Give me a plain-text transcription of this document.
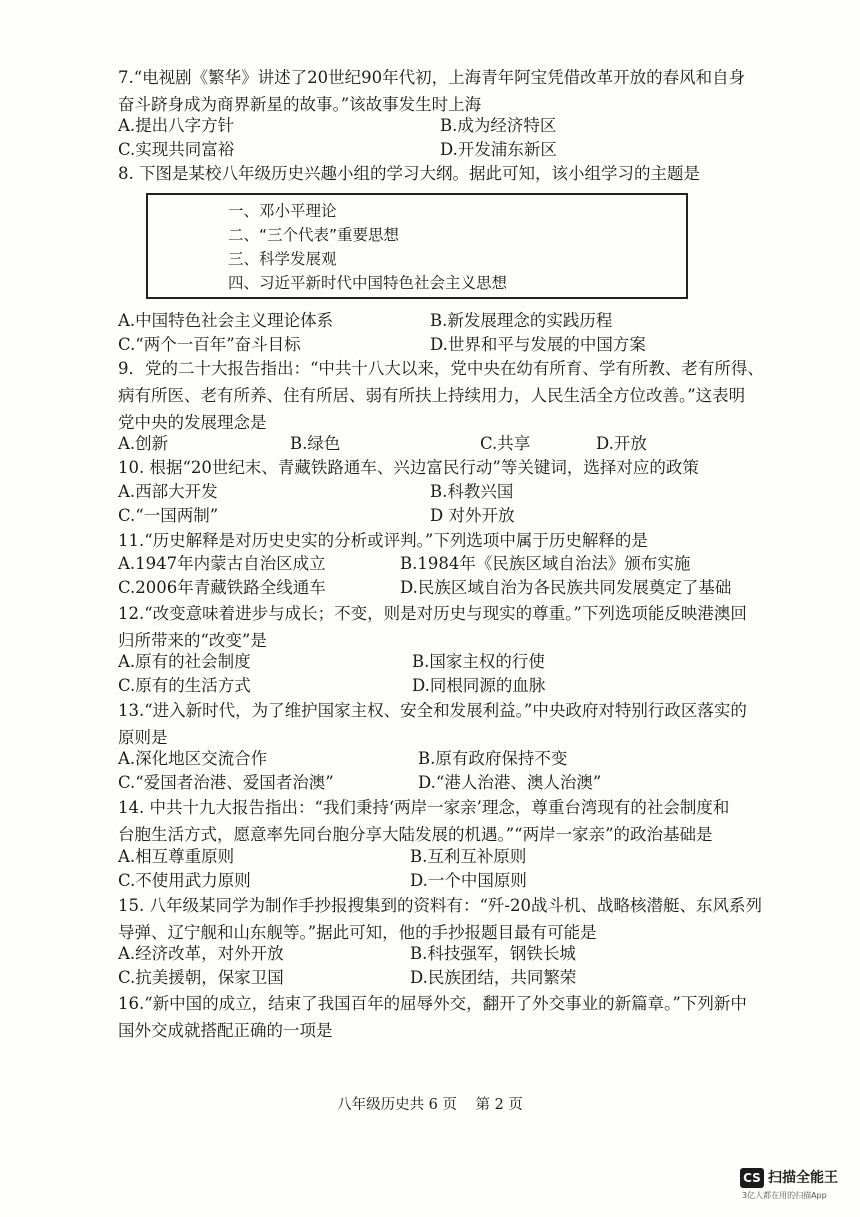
7.“电视剧《繁华》讲述了20世纪90年代初，上海青年阿宝凭借改革开放的春风和自身
奋斗跻身成为商界新星的故事。”该故事发生时上海
A.提出八字方针	B.成为经济特区
C.实现共同富裕	D.开发浦东新区
8. 下图是某校八年级历史兴趣小组的学习大纲。据此可知，该小组学习的主题是
一、邓小平理论
二、“三个代表”重要思想
三、科学发展观
四、习近平新时代中国特色社会主义思想
A.中国特色社会主义理论体系	B.新发展理念的实践历程
C.“两个一百年”奋斗目标	D.世界和平与发展的中国方案
9．党的二十大报告指出：“中共十八大以来，党中央在幼有所育、学有所教、老有所得、
病有所医、老有所养、住有所居、弱有所扶上持续用力，人民生活全方位改善。”这表明
党中央的发展理念是
A.创新	B.绿色	C.共享	D.开放
10. 根据“20世纪末、青藏铁路通车、兴边富民行动”等关键词，选择对应的政策
A.西部大开发	B.科教兴国
C.“一国两制”	D 对外开放
11.“历史解释是对历史史实的分析或评判。”下列选项中属于历史解释的是
A.1947年内蒙古自治区成立	B.1984年《民族区域自治法》颁布实施
C.2006年青藏铁路全线通车	D.民族区域自治为各民族共同发展奠定了基础
12.“改变意味着进步与成长；不变，则是对历史与现实的尊重。”下列选项能反映港澳回
归所带来的“改变”是
A.原有的社会制度	B.国家主权的行使
C.原有的生活方式	D.同根同源的血脉
13.“进入新时代，为了维护国家主权、安全和发展利益。”中央政府对特别行政区落实的
原则是
A.深化地区交流合作	B.原有政府保持不变
C.“爱国者治港、爱国者治澳”	D.“港人治港、澳人治澳”
14. 中共十九大报告指出：“我们秉持‘两岸一家亲’理念，尊重台湾现有的社会制度和
台胞生活方式，愿意率先同台胞分享大陆发展的机遇。”“两岸一家亲”的政治基础是
A.相互尊重原则	B.互利互补原则
C.不使用武力原则	D.一个中国原则
15. 八年级某同学为制作手抄报搜集到的资料有：“歼-20战斗机、战略核潜艇、东风系列
导弹、辽宁舰和山东舰等。”据此可知，他的手抄报题目最有可能是
A.经济改革，对外开放	B.科技强军，钢铁长城
C.抗美援朝，保家卫国	D.民族团结，共同繁荣
16.“新中国的成立，结束了我国百年的屈辱外交，翻开了外交事业的新篇章。”下列新中
国外交成就搭配正确的一项是
八年级历史共 6 页    第 2 页
CS 扫描全能王
3亿人都在用的扫描App
